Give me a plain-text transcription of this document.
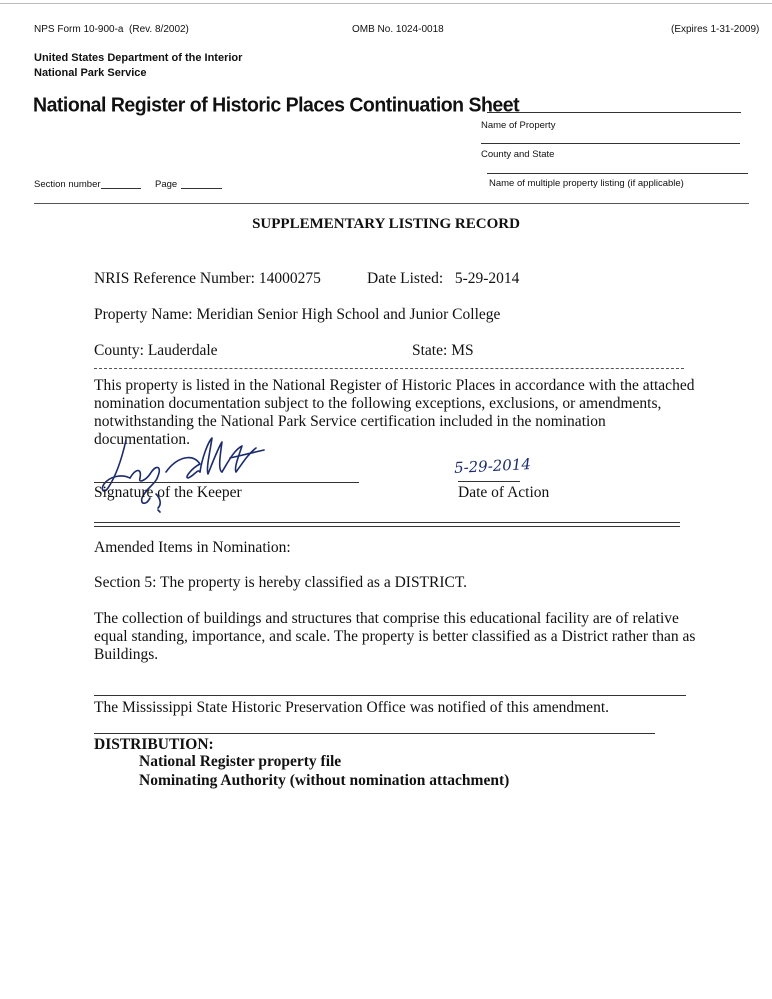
NPS Form 10-900-a (Rev. 8/2002)	OMB No. 1024-0018	(Expires 1-31-2009)
United States Department of the Interior
National Park Service
National Register of Historic Places Continuation Sheet
Name of Property
County and State
Section number	Page	Name of multiple property listing (if applicable)
SUPPLEMENTARY LISTING RECORD
NRIS Reference Number: 14000275	Date Listed: 5-29-2014
Property Name: Meridian Senior High School and Junior College
County: Lauderdale	State: MS
This property is listed in the National Register of Historic Places in accordance with the attached
nomination documentation subject to the following exceptions, exclusions, or amendments,
notwithstanding the National Park Service certification included in the nomination
documentation.
Signature of the Keeper
5-29-2014
Date of Action
Amended Items in Nomination:
Section 5: The property is hereby classified as a DISTRICT.
The collection of buildings and structures that comprise this educational facility are of relative
equal standing, importance, and scale. The property is better classified as a District rather than as
Buildings.
The Mississippi State Historic Preservation Office was notified of this amendment.
DISTRIBUTION:
National Register property file
Nominating Authority (without nomination attachment)
